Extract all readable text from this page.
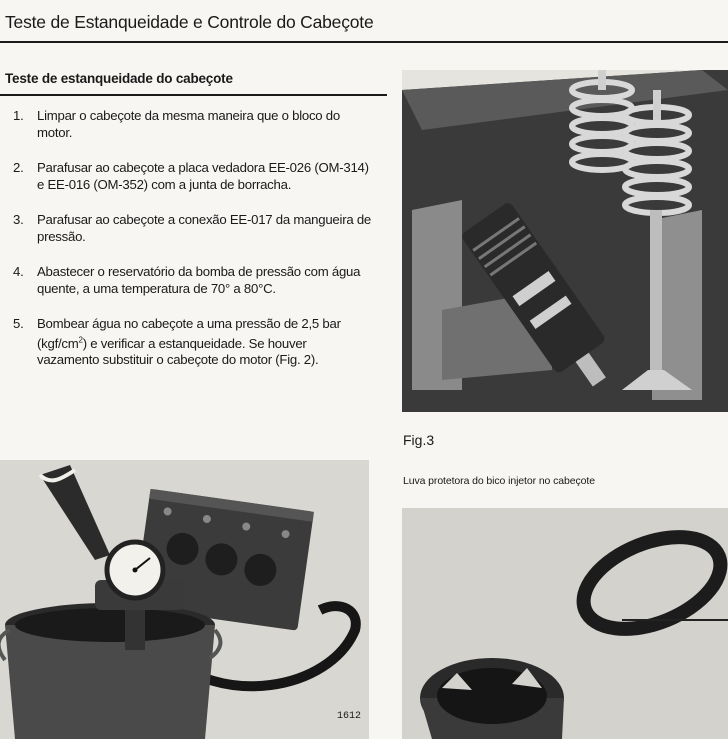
Teste de Estanqueidade e Controle do Cabeçote
Teste de estanqueidade do cabeçote
1. Limpar o cabeçote da mesma maneira que o bloco do motor.
2. Parafusar ao cabeçote a placa vedadora EE-026 (OM-314) e EE-016 (OM-352) com a junta de borracha.
3. Parafusar ao cabeçote a conexão EE-017 da mangueira de pressão.
4. Abastecer o reservatório da bomba de pressão com água quente, a uma temperatura de 70° a 80°C.
5. Bombear água no cabeçote a uma pressão de 2,5 bar $(kgf/cm^2)$ e verificar a estanqueidade. Se houver vazamento substituir o cabeçote do motor (Fig. 2).
Fig.3
Luva protetora do bico injetor no cabeçote
1612
